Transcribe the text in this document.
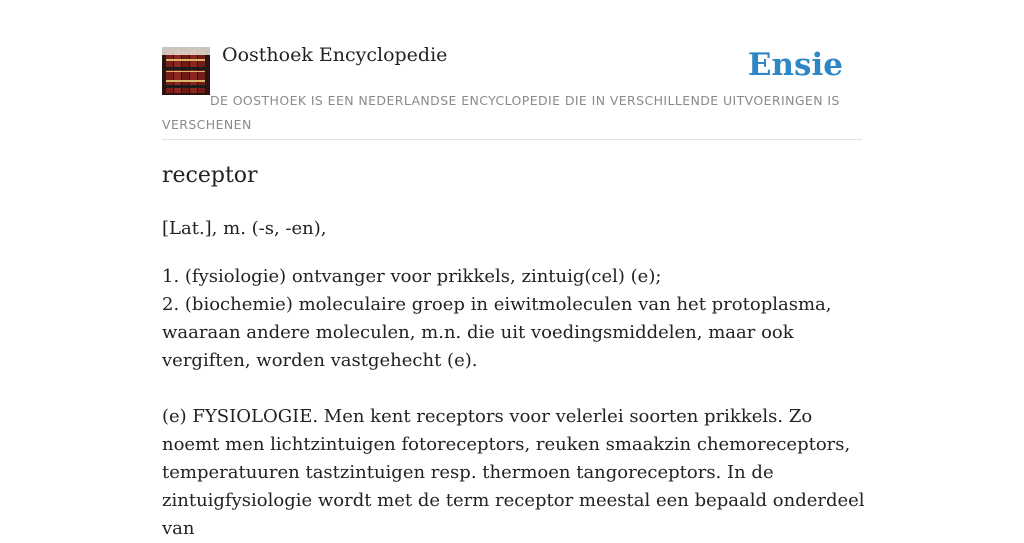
Oosthoek Encyclopedie	Ensie
DE OOSTHOEK IS EEN NEDERLANDSE ENCYCLOPEDIE DIE IN VERSCHILLENDE UITVOERINGEN IS VERSCHENEN
receptor
[Lat.], m. (-s, -en),

1. (fysiologie) ontvanger voor prikkels, zintuig(cel) (e);

2. (biochemie) moleculaire groep in eiwitmoleculen van het protoplasma, waaraan andere moleculen, m.n. die uit voedingsmiddelen, maar ook vergiften, worden vastgehecht (e).

(e) FYSIOLOGIE. Men kent receptors voor velerlei soorten prikkels. Zo noemt men lichtzintuigen fotoreceptors, reuken smaakzin chemoreceptors, temperatuuren tastzintuigen resp. thermoen tangoreceptors. In de zintuigfysiologie wordt met de term receptor meestal een bepaald onderdeel van
